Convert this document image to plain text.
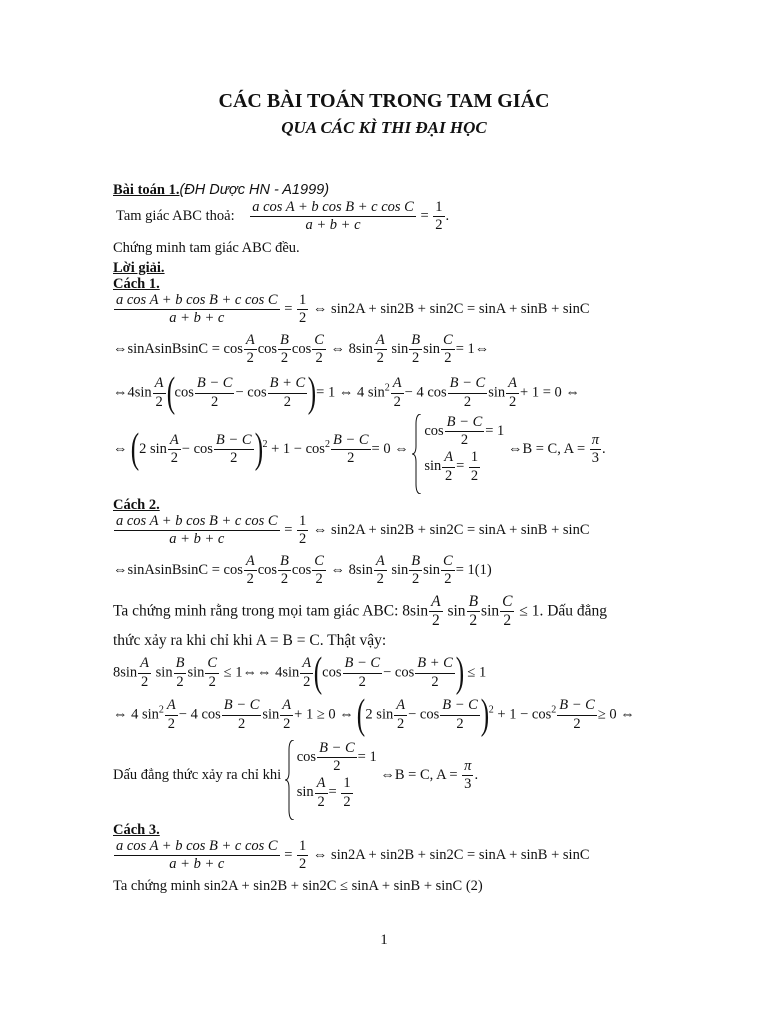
CÁC BÀI TOÁN TRONG TAM GIÁC
QUA CÁC KÌ THI ĐẠI HỌC
Bài toán 1.(ĐH Dược HN - A1999)
Tam giác ABC thoả: $\frac{\text{a cos A + b cos B + c cos C}}{a + b + c} = \frac{1}{2}$ .
Chứng minh tam giác ABC đều.
Lời giải.
Cách 1.
$\frac{\text{a cos A + b cos B + c cos C}}{a + b + c} = \frac{1}{2}$ ⇔ sin2A + sin2B + sin2C = sinA + sinB + sinC
⇔sinAsinBsinC = $\cos \frac{A}{2}$ $\cos \frac{B}{2}$ $\cos \frac{C}{2}$ ⇔ $8\sin \frac{A}{2}$ $\sin \frac{B}{2}$ $\sin \frac{C}{2}$ = 1⇔
⇔4sin $\frac{A}{2} (\cos \frac{B - C}{2} - \cos \frac{B + C}{2}$ )= 1 ⇔ 4 $\sin^2 \frac{A}{2} - 4$ $\cos \frac{B - C}{2}$ $\sin \frac{A}{2} + 1 = 0$ ⇔
⇔ (2 $\sin \frac{A}{2} - \cos \frac{B - C}{2} )^2 + 1 - \cos^2 \frac{B - C}{2} = 0$ ⇔
$\cos \frac{B - C}{2} = 1$
$\sin \frac{A}{2} = \frac{1}{2}$
⇔B = C, $A = \frac{\pi}{3}$ .
Cách 2.
$\frac{\text{a cos A + b cos B + c cos C}}{a + b + c} = \frac{1}{2}$ ⇔ sin2A + sin2B + sin2C = sinA + sinB + sinC
⇔sinAsinBsinC = $\cos \frac{A}{2}$ $\cos \frac{B}{2}$ $\cos \frac{C}{2}$ ⇔ $8\sin \frac{A}{2}$ $\sin \frac{B}{2}$ $\sin \frac{C}{2} = 1(1)$
Ta chứng minh rằng trong mọi tam giác ABC: $8\sin \frac{A}{2}$ $\sin \frac{B}{2}$ $\sin \frac{C}{2} \le 1$. Dấu đẳng
thức xảy ra khi chỉ khi A = B = C. Thật vậy:
$8\sin \frac{A}{2}$ $\sin \frac{B}{2}$ $\sin \frac{C}{2}$ ≤ 1⇔⇔ $4\sin \frac{A}{2} (\cos \frac{B - C}{2} - \cos \frac{B + C}{2}$ ) ≤ 1
⇔ 4 $\sin^2 \frac{A}{2} - 4$ $\cos \frac{B - C}{2}$ $\sin \frac{A}{2} + 1 \ge 0$ ⇔ (2 $\sin \frac{A}{2} - \cos \frac{B - C}{2} )^2 + 1 - \cos^2 \frac{B - C}{2} \ge 0$ ⇔
Dấu đẳng thức xảy ra chỉ khi
$\cos \frac{B - C}{2} = 1$
$\sin \frac{A}{2} = \frac{1}{2}$
⇔B = C, $A = \frac{\pi}{3}$ .
Cách 3.
$\frac{\text{a cos A + b cos B + c cos C}}{a + b + c} = \frac{1}{2}$ ⇔ sin2A + sin2B + sin2C = sinA + sinB + sinC
Ta chứng minh sin2A + sin2B + sin2C ≤ sinA + sinB + sinC (2)
1
